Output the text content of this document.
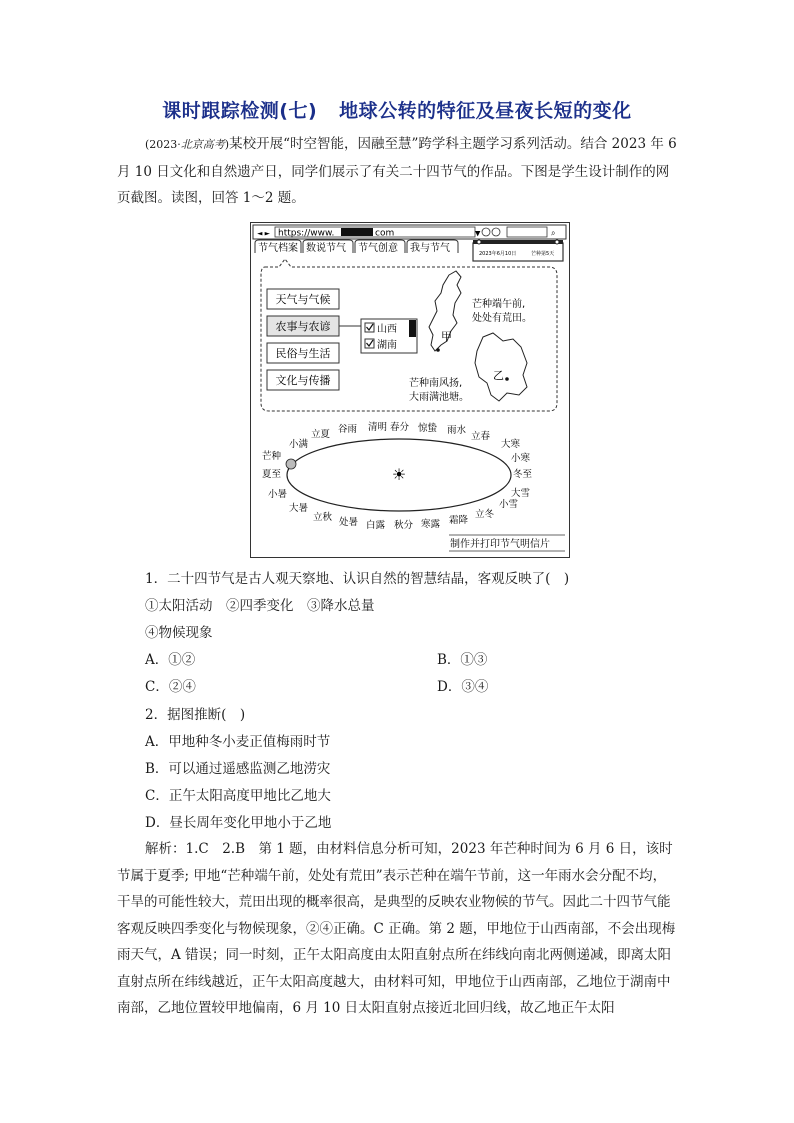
课时跟踪检测(七) 地球公转的特征及昼夜长短的变化
(2023·北京高考)某校开展“时空智能，因融至慧”跨学科主题学习系列活动。结合 2023 年 6 月 10 日文化和自然遗产日，同学们展示了有关二十四节气的作品。下图是学生设计制作的网页截图。读图，回答 1～2 题。
◄ ► https://www.	com	▼	⌕
节气档案 数说节气 节气创意 我与节气	2023年6月10日	芒种第5天
天气与气候
农事与农谚
民俗与生活
文化与传播
山西
湖南
甲
芒种端午前,
处处有荒田。
乙
芒种南风扬,
大雨满池塘。
☀
小满
立夏 谷雨 清明 春分 惊蛰 雨水
立春
大寒
芒种
夏至
小暑
小寒
冬至
大雪
大暑
立秋 处暑 白露 秋分 寒露 霜降
立冬
小雪
制作并打印节气明信片
1．二十四节气是古人观天察地、认识自然的智慧结晶，客观反映了(　)
①太阳活动　②四季变化　③降水总量
④物候现象
A．①②	B．①③
C．②④	D．③④
2．据图推断(　)
A．甲地种冬小麦正值梅雨时节
B．可以通过遥感监测乙地涝灾
C．正午太阳高度甲地比乙地大
D．昼长周年变化甲地小于乙地
解析：1.C　2.B　第 1 题，由材料信息分析可知，2023 年芒种时间为 6 月 6 日，该时节属于夏季; 甲地“芒种端午前，处处有荒田”表示芒种在端午节前，这一年雨水会分配不均，干旱的可能性较大，荒田出现的概率很高，是典型的反映农业物候的节气。因此二十四节气能客观反映四季变化与物候现象，②④正确。C 正确。第 2 题，甲地位于山西南部，不会出现梅雨天气，A 错误；同一时刻，正午太阳高度由太阳直射点所在纬线向南北两侧递减，即离太阳直射点所在纬线越近，正午太阳高度越大，由材料可知，甲地位于山西南部，乙地位于湖南中南部，乙地位置较甲地偏南，6 月 10 日太阳直射点接近北回归线，故乙地正午太阳
